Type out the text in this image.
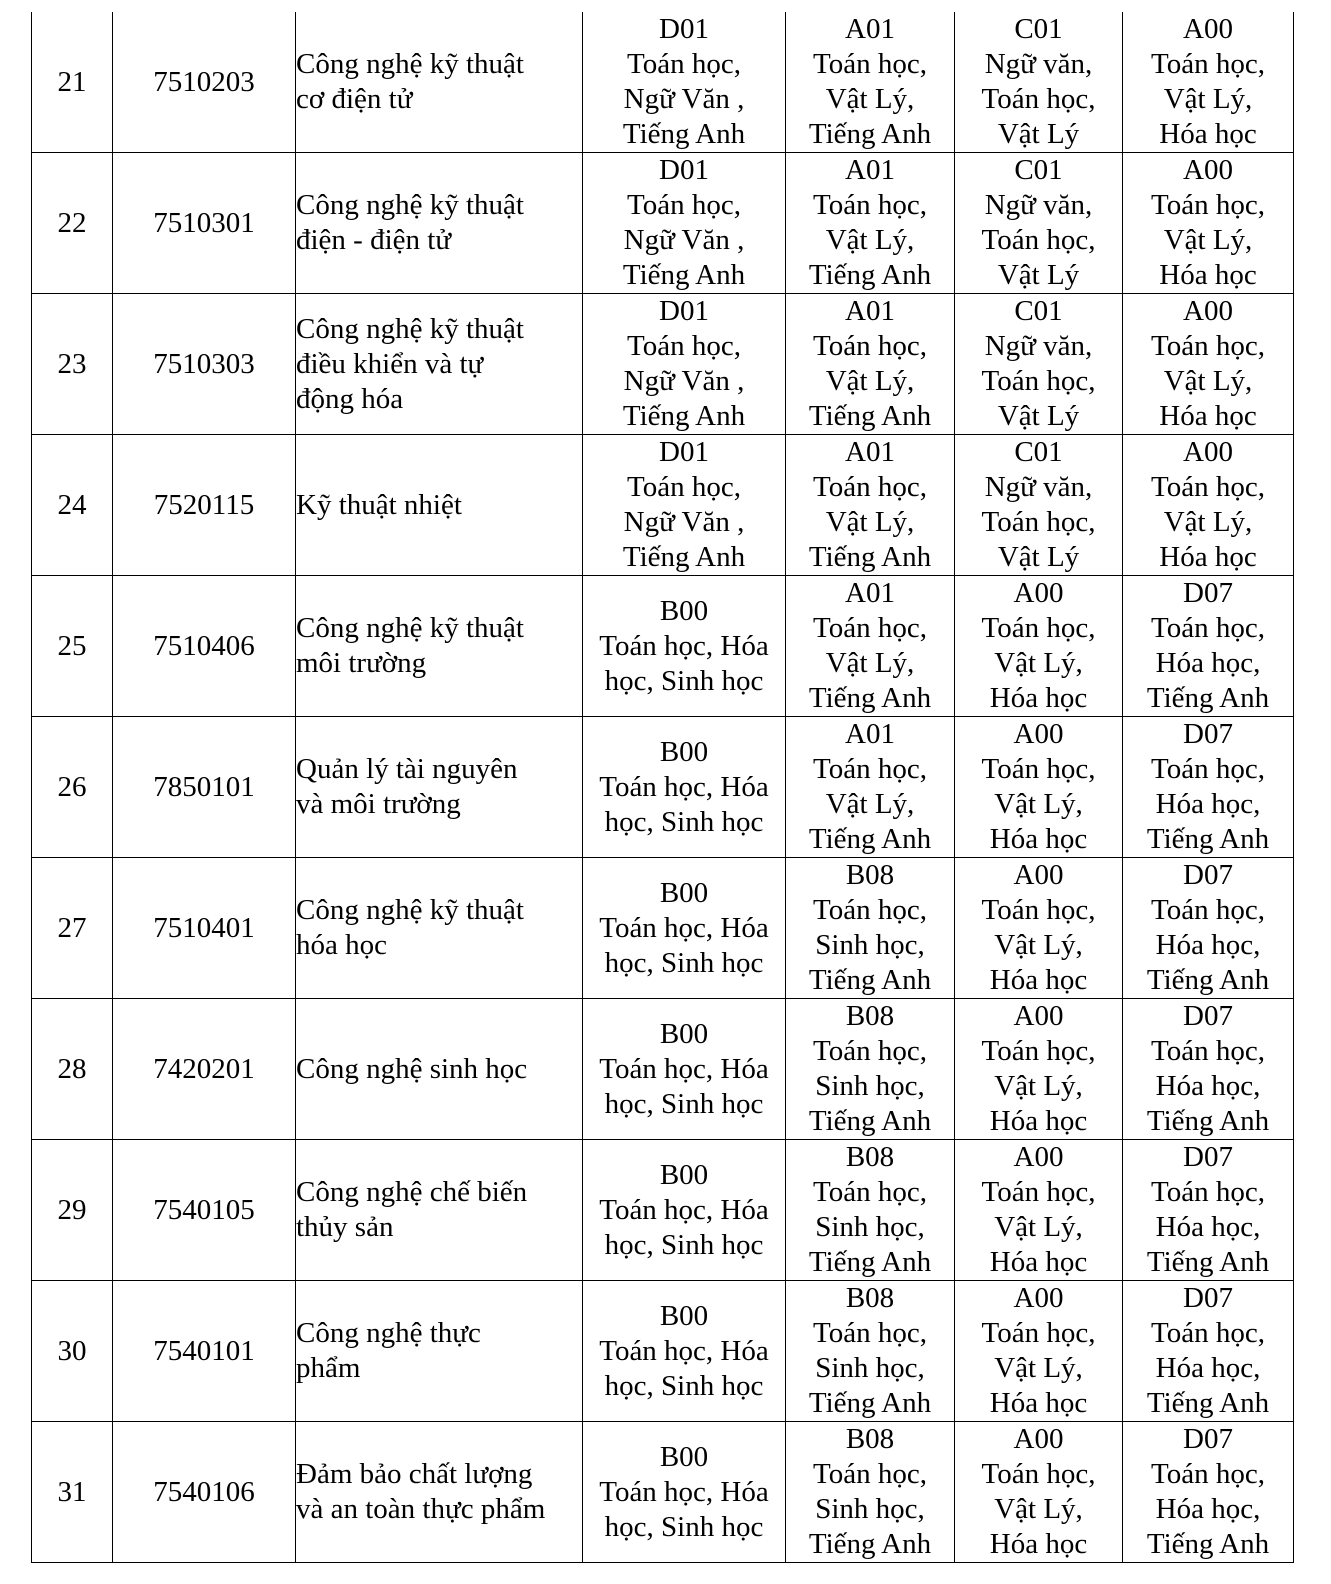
21	7510203	Công nghệ kỹ thuật
cơ điện tử	D01
Toán học,
Ngữ Văn ,
Tiếng Anh	A01
Toán học,
Vật Lý,
Tiếng Anh	C01
Ngữ văn,
Toán học,
Vật Lý	A00
Toán học,
Vật Lý,
Hóa học

22	7510301	Công nghệ kỹ thuật
điện - điện tử	D01
Toán học,
Ngữ Văn ,
Tiếng Anh	A01
Toán học,
Vật Lý,
Tiếng Anh	C01
Ngữ văn,
Toán học,
Vật Lý	A00
Toán học,
Vật Lý,
Hóa học

23	7510303	Công nghệ kỹ thuật
điều khiển và tự
động hóa	D01
Toán học,
Ngữ Văn ,
Tiếng Anh	A01
Toán học,
Vật Lý,
Tiếng Anh	C01
Ngữ văn,
Toán học,
Vật Lý	A00
Toán học,
Vật Lý,
Hóa học

24	7520115	Kỹ thuật nhiệt	D01
Toán học,
Ngữ Văn ,
Tiếng Anh	A01
Toán học,
Vật Lý,
Tiếng Anh	C01
Ngữ văn,
Toán học,
Vật Lý	A00
Toán học,
Vật Lý,
Hóa học

25	7510406	Công nghệ kỹ thuật
môi trường	B00
Toán học, Hóa
học, Sinh học	A01
Toán học,
Vật Lý,
Tiếng Anh	A00
Toán học,
Vật Lý,
Hóa học	D07
Toán học,
Hóa học,
Tiếng Anh

26	7850101	Quản lý tài nguyên
và môi trường	B00
Toán học, Hóa
học, Sinh học	A01
Toán học,
Vật Lý,
Tiếng Anh	A00
Toán học,
Vật Lý,
Hóa học	D07
Toán học,
Hóa học,
Tiếng Anh

27	7510401	Công nghệ kỹ thuật
hóa học	B00
Toán học, Hóa
học, Sinh học	B08
Toán học,
Sinh học,
Tiếng Anh	A00
Toán học,
Vật Lý,
Hóa học	D07
Toán học,
Hóa học,
Tiếng Anh

28	7420201	Công nghệ sinh học	B00
Toán học, Hóa
học, Sinh học	B08
Toán học,
Sinh học,
Tiếng Anh	A00
Toán học,
Vật Lý,
Hóa học	D07
Toán học,
Hóa học,
Tiếng Anh

29	7540105	Công nghệ chế biến
thủy sản	B00
Toán học, Hóa
học, Sinh học	B08
Toán học,
Sinh học,
Tiếng Anh	A00
Toán học,
Vật Lý,
Hóa học	D07
Toán học,
Hóa học,
Tiếng Anh

30	7540101	Công nghệ thực
phẩm	B00
Toán học, Hóa
học, Sinh học	B08
Toán học,
Sinh học,
Tiếng Anh	A00
Toán học,
Vật Lý,
Hóa học	D07
Toán học,
Hóa học,
Tiếng Anh

31	7540106	Đảm bảo chất lượng
và an toàn thực phẩm	B00
Toán học, Hóa
học, Sinh học	B08
Toán học,
Sinh học,
Tiếng Anh	A00
Toán học,
Vật Lý,
Hóa học	D07
Toán học,
Hóa học,
Tiếng Anh
